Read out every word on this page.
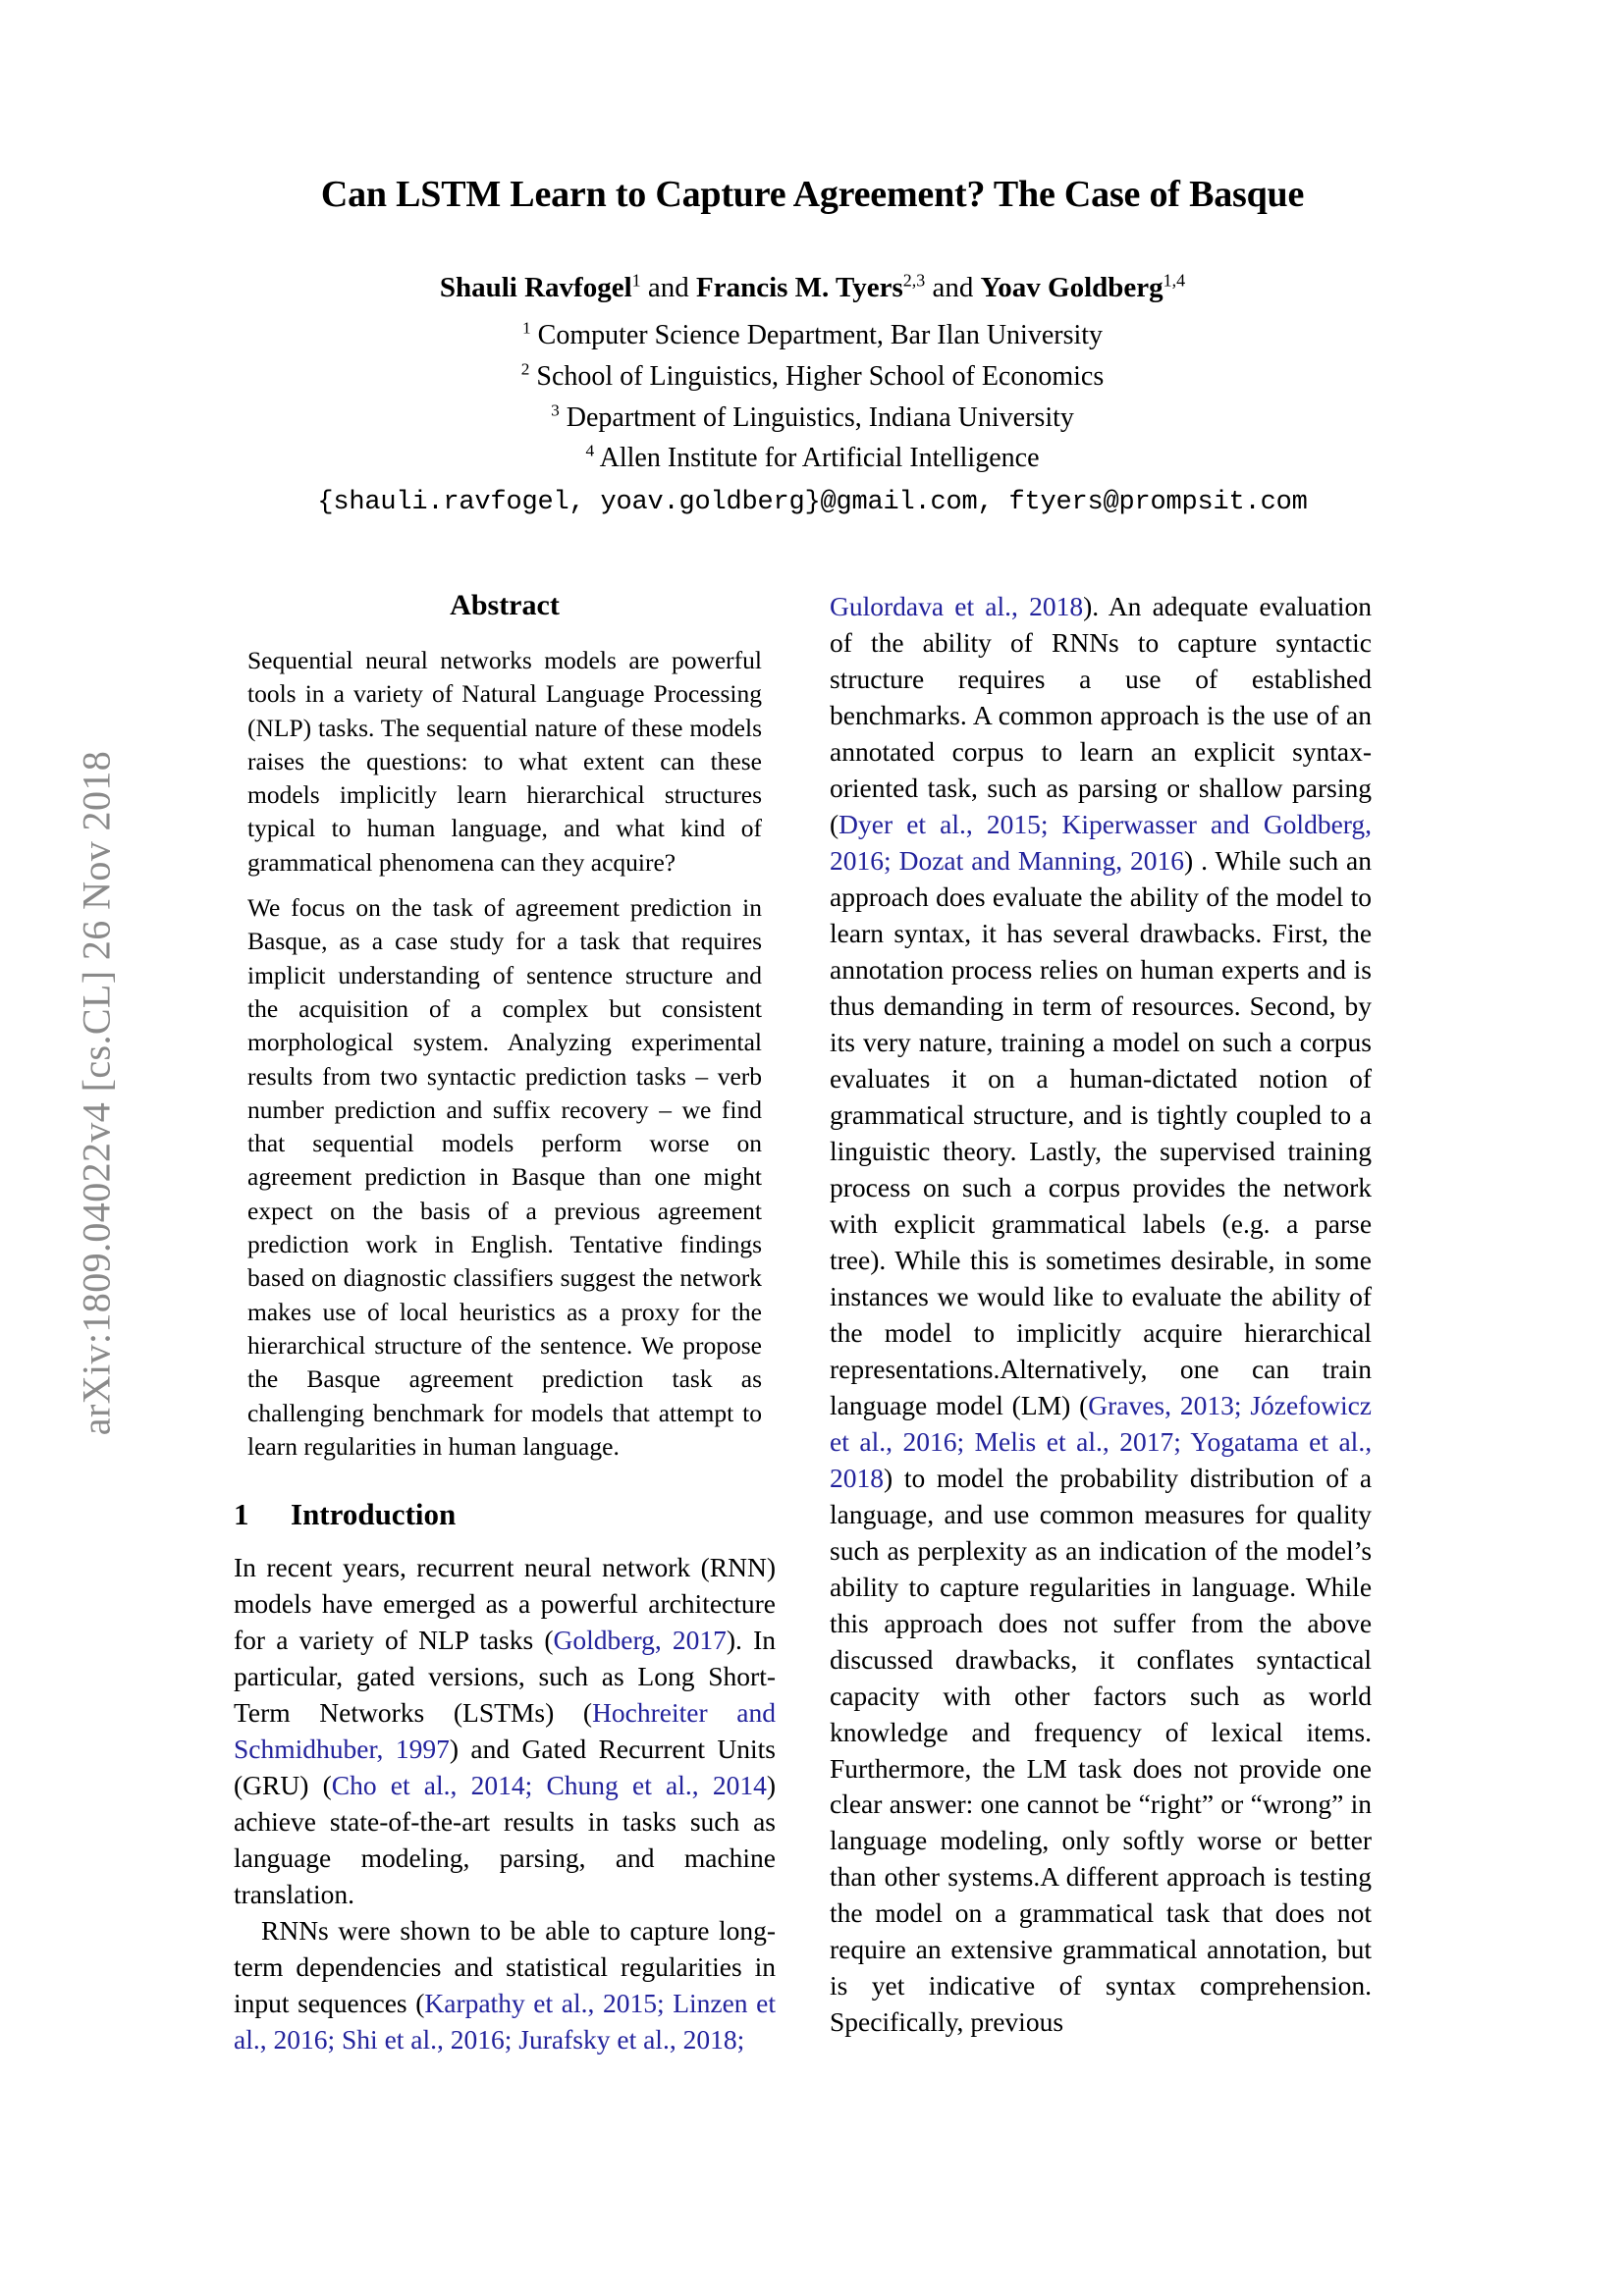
arXiv:1809.04022v4 [cs.CL] 26 Nov 2018
Can LSTM Learn to Capture Agreement? The Case of Basque
Shauli Ravfogel$^1$ and Francis M. Tyers$^{2,3}$ and Yoav Goldberg$^{1,4}$
$^1$ Computer Science Department, Bar Ilan University
$^2$ School of Linguistics, Higher School of Economics
$^3$ Department of Linguistics, Indiana University
$^4$ Allen Institute for Artificial Intelligence
{shauli.ravfogel, yoav.goldberg}@gmail.com, ftyers@prompsit.com
Abstract

Sequential neural networks models are powerful tools in a variety of Natural Language Processing (NLP) tasks. The sequential nature of these models raises the questions: to what extent can these models implicitly learn hierarchical structures typical to human language, and what kind of grammatical phenomena can they acquire?

We focus on the task of agreement prediction in Basque, as a case study for a task that requires implicit understanding of sentence structure and the acquisition of a complex but consistent morphological system. Analyzing experimental results from two syntactic prediction tasks – verb number prediction and suffix recovery – we find that sequential models perform worse on agreement prediction in Basque than one might expect on the basis of a previous agreement prediction work in English. Tentative findings based on diagnostic classifiers suggest the network makes use of local heuristics as a proxy for the hierarchical structure of the sentence. We propose the Basque agreement prediction task as challenging benchmark for models that attempt to learn regularities in human language.

1	Introduction

In recent years, recurrent neural network (RNN) models have emerged as a powerful architecture for a variety of NLP tasks (Goldberg, 2017). In particular, gated versions, such as Long Short-Term Networks (LSTMs) (Hochreiter and Schmidhuber, 1997) and Gated Recurrent Units (GRU) (Cho et al., 2014; Chung et al., 2014) achieve state-of-the-art results in tasks such as language modeling, parsing, and machine translation.

RNNs were shown to be able to capture long-term dependencies and statistical regularities in input sequences (Karpathy et al., 2015; Linzen et al., 2016; Shi et al., 2016; Jurafsky et al., 2018;

Gulordava et al., 2018). An adequate evaluation of the ability of RNNs to capture syntactic structure requires a use of established benchmarks. A common approach is the use of an annotated corpus to learn an explicit syntax-oriented task, such as parsing or shallow parsing (Dyer et al., 2015; Kiperwasser and Goldberg, 2016; Dozat and Manning, 2016) . While such an approach does evaluate the ability of the model to learn syntax, it has several drawbacks. First, the annotation process relies on human experts and is thus demanding in term of resources. Second, by its very nature, training a model on such a corpus evaluates it on a human-dictated notion of grammatical structure, and is tightly coupled to a linguistic theory. Lastly, the supervised training process on such a corpus provides the network with explicit grammatical labels (e.g. a parse tree). While this is sometimes desirable, in some instances we would like to evaluate the ability of the model to implicitly acquire hierarchical representations.Alternatively, one can train language model (LM) (Graves, 2013; Józefowicz et al., 2016; Melis et al., 2017; Yogatama et al., 2018) to model the probability distribution of a language, and use common measures for quality such as perplexity as an indication of the model’s ability to capture regularities in language. While this approach does not suffer from the above discussed drawbacks, it conflates syntactical capacity with other factors such as world knowledge and frequency of lexical items. Furthermore, the LM task does not provide one clear answer: one cannot be “right” or “wrong” in language modeling, only softly worse or better than other systems.A different approach is testing the model on a grammatical task that does not require an extensive grammatical annotation, but is yet indicative of syntax comprehension. Specifically, previous
